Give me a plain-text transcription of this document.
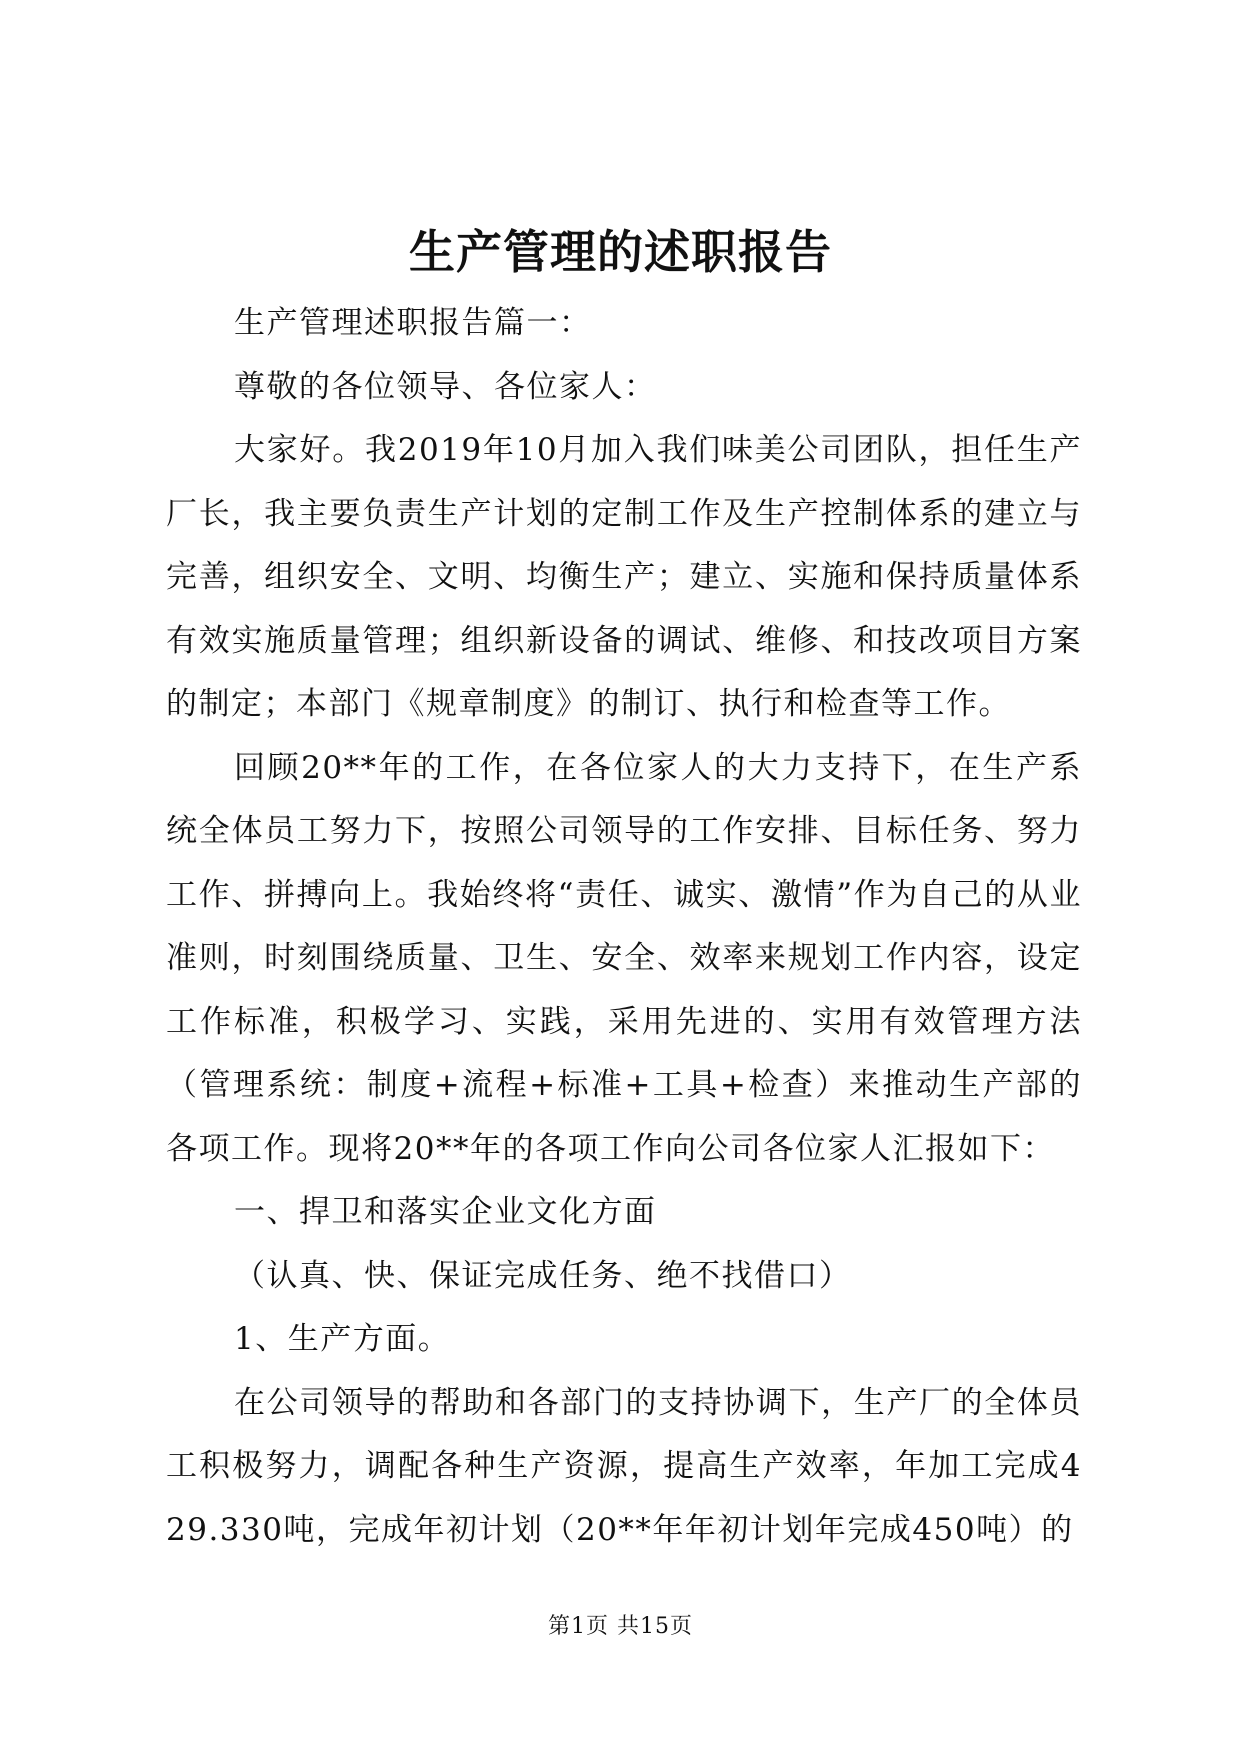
生产管理的述职报告

生产管理述职报告篇一：

尊敬的各位领导、各位家人：

大家好。我2019年10月加入我们味美公司团队，担任生产厂长，我主要负责生产计划的定制工作及生产控制体系的建立与完善，组织安全、文明、均衡生产；建立、实施和保持质量体系有效实施质量管理；组织新设备的调试、维修、和技改项目方案的制定；本部门《规章制度》的制订、执行和检查等工作。

回顾20**年的工作，在各位家人的大力支持下，在生产系统全体员工努力下，按照公司领导的工作安排、目标任务、努力工作、拼搏向上。我始终将“责任、诚实、激情”作为自己的从业准则，时刻围绕质量、卫生、安全、效率来规划工作内容，设定工作标准，积极学习、实践，采用先进的、实用有效管理方法（管理系统：制度+流程+标准+工具+检查）来推动生产部的各项工作。现将20**年的各项工作向公司各位家人汇报如下：

一、捍卫和落实企业文化方面

（认真、快、保证完成任务、绝不找借口）

1、生产方面。

在公司领导的帮助和各部门的支持协调下，生产厂的全体员工积极努力，调配各种生产资源，提高生产效率，年加工完成429.330吨，完成年初计划（20**年年初计划年完成450吨）的

第1页 共15页
